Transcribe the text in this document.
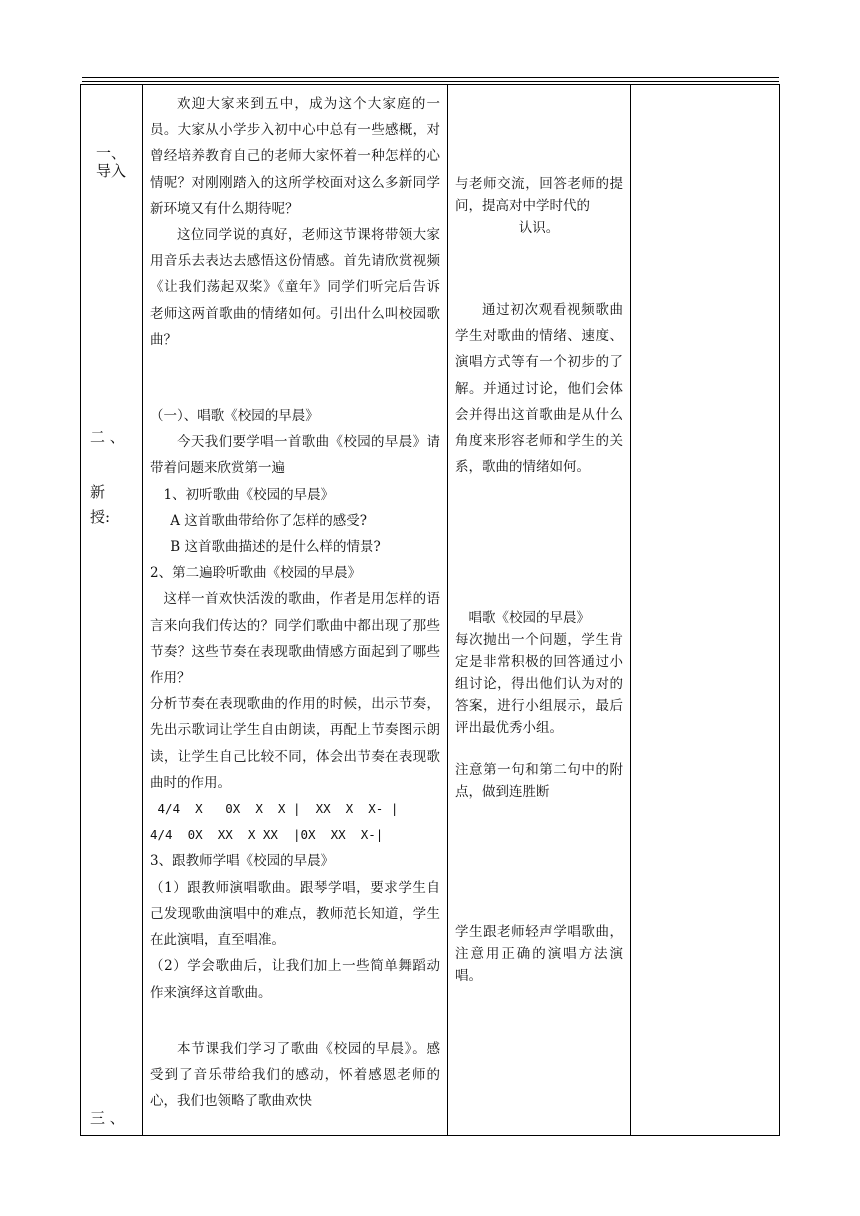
一、
导入
二 、
新
授:
三 、

欢迎大家来到五中，成为这个大家庭的一员。大家从小学步入初中心中总有一些感概，对曾经培养教育自己的老师大家怀着一种怎样的心情呢？对刚刚踏入的这所学校面对这么多新同学新环境又有什么期待呢？

这位同学说的真好，老师这节课将带领大家用音乐去表达去感悟这份情感。首先请欣赏视频《让我们荡起双桨》《童年》同学们听完后告诉老师这两首歌曲的情绪如何。引出什么叫校园歌曲？

（一）、唱歌《校园的早晨》

今天我们要学唱一首歌曲《校园的早晨》请带着问题来欣赏第一遍

1、初听歌曲《校园的早晨》

A 这首歌曲带给你了怎样的感受?

B 这首歌曲描述的是什么样的情景?

2、第二遍聆听歌曲《校园的早晨》

这样一首欢快活泼的歌曲，作者是用怎样的语言来向我们传达的？同学们歌曲中都出现了那些节奏？这些节奏在表现歌曲情感方面起到了哪些作用？

分析节奏在表现歌曲的作用的时候，出示节奏，先出示歌词让学生自由朗读，再配上节奏图示朗读，让学生自己比较不同，体会出节奏在表现歌曲时的作用。

4/4  X   0X  X  X |  XX  X  X- |

4/4  0X  XX  X XX  |0X  XX  X-|

3、跟教师学唱《校园的早晨》

（1）跟教师演唱歌曲。跟琴学唱，要求学生自己发现歌曲演唱中的难点，教师范长知道，学生在此演唱，直至唱准。

（2）学会歌曲后，让我们加上一些简单舞蹈动作来演绎这首歌曲。

本节课我们学习了歌曲《校园的早晨》。感受到了音乐带给我们的感动，怀着感恩老师的心，我们也领略了歌曲欢快

与老师交流，回答老师的提问，提高对中学时代的

认识。

通过初次观看视频歌曲学生对歌曲的情绪、速度、演唱方式等有一个初步的了解。并通过讨论，他们会体会并得出这首歌曲是从什么角度来形容老师和学生的关系，歌曲的情绪如何。

唱歌《校园的早晨》

每次抛出一个问题，学生肯定是非常积极的回答通过小组讨论，得出他们认为对的答案，进行小组展示，最后评出最优秀小组。

注意第一句和第二句中的附点，做到连胜断

学生跟老师轻声学唱歌曲，注意用正确的演唱方法演唱。
